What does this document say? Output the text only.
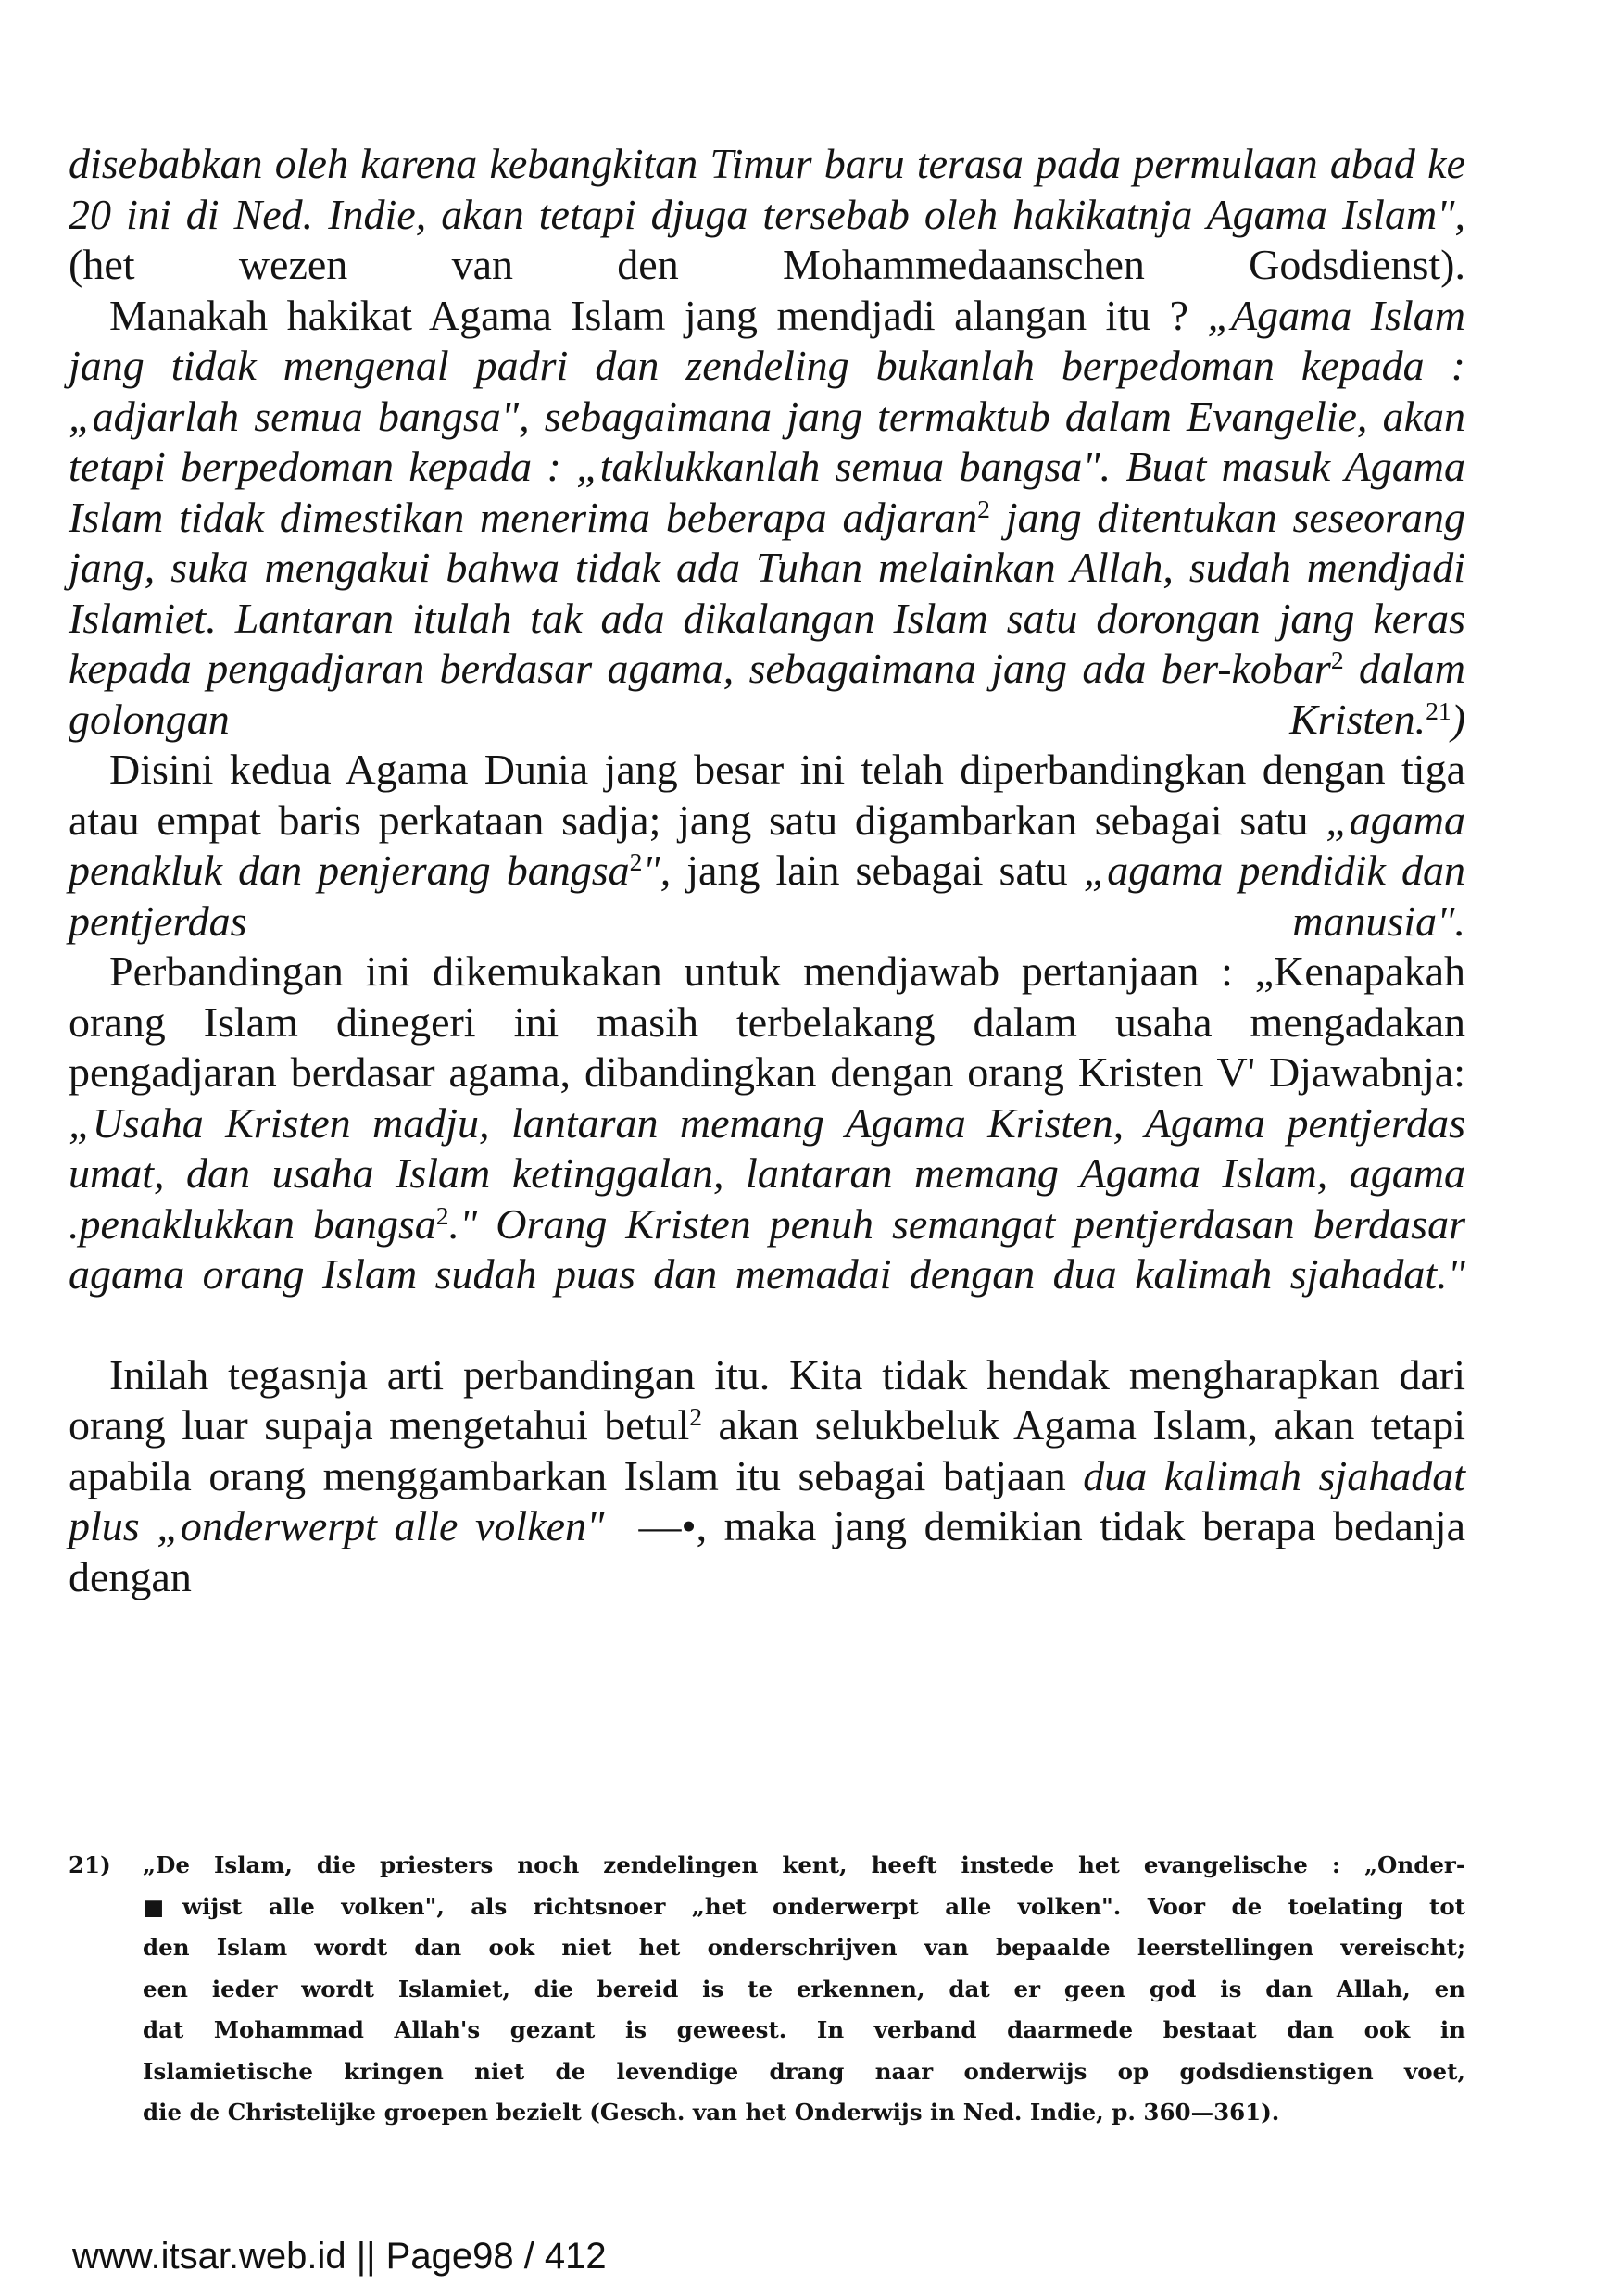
disebabkan oleh karena kebangkitan Timur baru terasa pada permulaan abad ke 20 ini di Ned. Indie, akan tetapi djuga tersebab oleh hakikatnja Agama Islam", (het wezen van den Mohammedaanschen Godsdienst).

Manakah hakikat Agama Islam jang mendjadi alangan itu ? „Agama Islam jang tidak mengenal padri dan zendeling bukanlah berpedoman kepada : „adjarlah semua bangsa", sebagaimana jang termaktub dalam Evangelie, akan tetapi berpedoman kepada : „taklukkanlah semua bangsa". Buat masuk Agama Islam tidak dimestikan menerima beberapa adjaran$^2$ jang ditentukan seseorang jang, suka mengakui bahwa tidak ada Tuhan melainkan Allah, sudah mendjadi Islamiet. Lantaran itulah tak ada dikalangan Islam satu dorongan jang keras kepada pengadjaran berdasar agama, sebagaimana jang ada ber-kobar$^2$ dalam golongan Kristen.$^{21}$)

Disini kedua Agama Dunia jang besar ini telah diperbandingkan dengan tiga atau empat baris perkataan sadja; jang satu digambarkan sebagai satu „agama penakluk dan penjerang bangsa$^2$", jang lain sebagai satu „agama pendidik dan pentjerdas manusia".

Perbandingan ini dikemukakan untuk mendjawab pertanjaan : „Kenapakah orang Islam dinegeri ini masih terbelakang dalam usaha mengadakan pengadjaran berdasar agama, dibandingkan dengan orang Kristen V' Djawabnja: „Usaha Kristen madju, lantaran memang Agama Kristen, Agama pentjerdas umat, dan usaha Islam ketinggalan, lantaran memang Agama Islam, agama .penaklukkan bangsa$^2$." Orang Kristen penuh semangat pentjerdasan berdasar agama orang Islam sudah puas dan memadai dengan dua kalimah sjahadat."

Inilah tegasnja arti perbandingan itu. Kita tidak hendak mengharapkan dari orang luar supaja mengetahui betul$^2$ akan selukbeluk Agama Islam, akan tetapi apabila orang menggambarkan Islam itu sebagai batjaan dua kalimah sjahadat plus „onderwerpt alle volken"  —•, maka jang demikian tidak berapa bedanja dengan

21) „De Islam, die priesters noch zendelingen kent, heeft instede het evangelische : „Onder-
■wijst alle volken", als richtsnoer „het onderwerpt alle volken". Voor de toelating tot
den Islam wordt dan ook niet het onderschrijven van bepaalde leerstellingen vereischt;
een ieder wordt Islamiet, die bereid is te erkennen, dat er geen god is dan Allah, en
dat Mohammad Allah's gezant is geweest. In verband daarmede bestaat dan ook in
Islamietische kringen niet de levendige drang naar onderwijs op godsdienstigen voet,
die de Christelijke groepen bezielt (Gesch. van het Onderwijs in Ned. Indie, p. 360—361).
www.itsar.web.id || Page98 / 412
